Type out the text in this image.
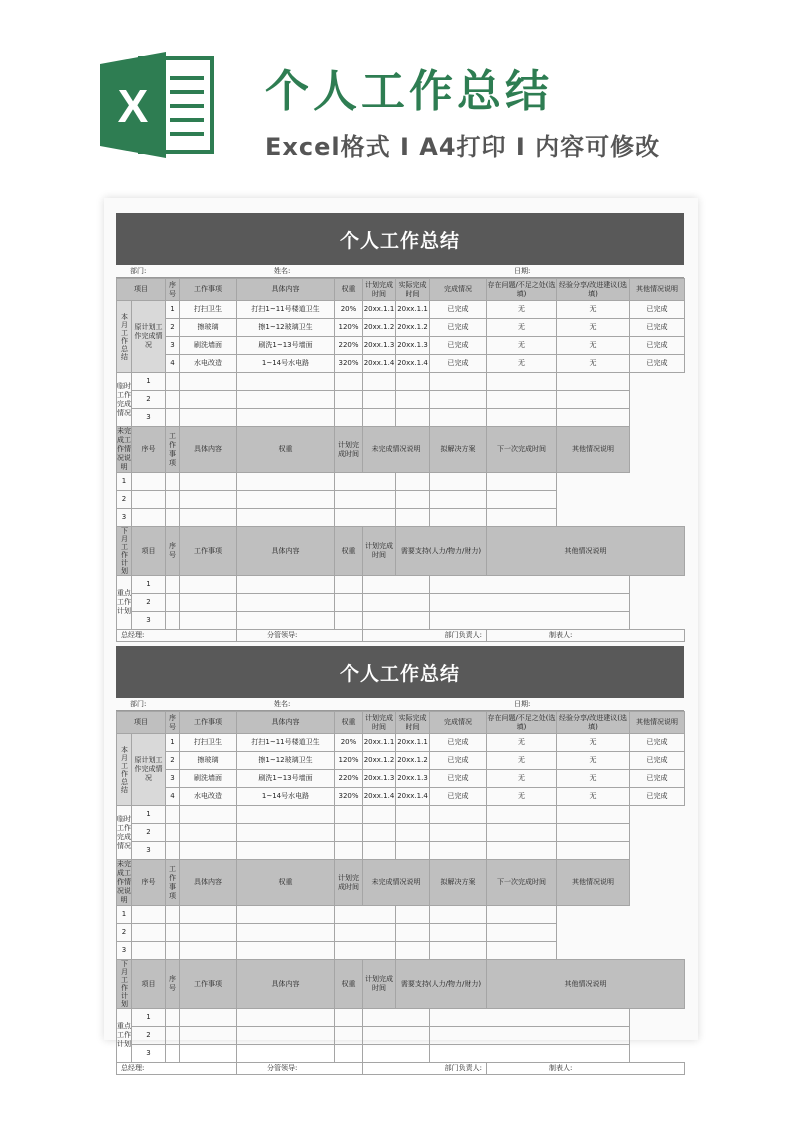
X	个人工作总结
Excel格式 I A4打印 I 内容可修改
个人工作总结
部门:	姓名:	日期:
项目		序号	工作事项	具体内容	权重	计划完成时间	实际完成时间	完成情况	存在问题/不足之处(选填)	经验分享/改进建议(选填)	其他情况说明
本月工作总结	原计划工作完成情况	1	打扫卫生	打扫1~11号楼道卫生	20%	20xx.1.1	20xx.1.1	已完成	无	无	已完成
		2	擦玻璃	擦1~12玻璃卫生	120%	20xx.1.2	20xx.1.2	已完成	无	无	已完成
		3	刷洗墙面	刷洗1~13号墙面	220%	20xx.1.3	20xx.1.3	已完成	无	无	已完成
		4	水电改造	1~14号水电路	320%	20xx.1.4	20xx.1.4	已完成	无	无	已完成
临时工作完成情况	1										
	2										
	3										
未完成工作情况说明	序号	工作事项	具体内容	权重	计划完成时间	未完成情况说明		拟解决方案	下一次完成时间	其他情况说明	
1											
2											
3											
下月工作计划	项目	序号	工作事项	具体内容	权重	计划完成时间	需要支持(人力/物力/财力)		其他情况说明		
重点工作计划	1										
	2										
	3										
总经理:				分管领导:		部门负责人:			制表人:		
个人工作总结
部门:	姓名:	日期:
项目		序号	工作事项	具体内容	权重	计划完成时间	实际完成时间	完成情况	存在问题/不足之处(选填)	经验分享/改进建议(选填)	其他情况说明
本月工作总结	原计划工作完成情况	1	打扫卫生	打扫1~11号楼道卫生	20%	20xx.1.1	20xx.1.1	已完成	无	无	已完成
		2	擦玻璃	擦1~12玻璃卫生	120%	20xx.1.2	20xx.1.2	已完成	无	无	已完成
		3	刷洗墙面	刷洗1~13号墙面	220%	20xx.1.3	20xx.1.3	已完成	无	无	已完成
		4	水电改造	1~14号水电路	320%	20xx.1.4	20xx.1.4	已完成	无	无	已完成
临时工作完成情况	1										
	2										
	3										
未完成工作情况说明	序号	工作事项	具体内容	权重	计划完成时间	未完成情况说明		拟解决方案	下一次完成时间	其他情况说明	
1											
2											
3											
下月工作计划	项目	序号	工作事项	具体内容	权重	计划完成时间	需要支持(人力/物力/财力)		其他情况说明		
重点工作计划	1										
	2										
	3										
总经理:				分管领导:		部门负责人:			制表人:		
